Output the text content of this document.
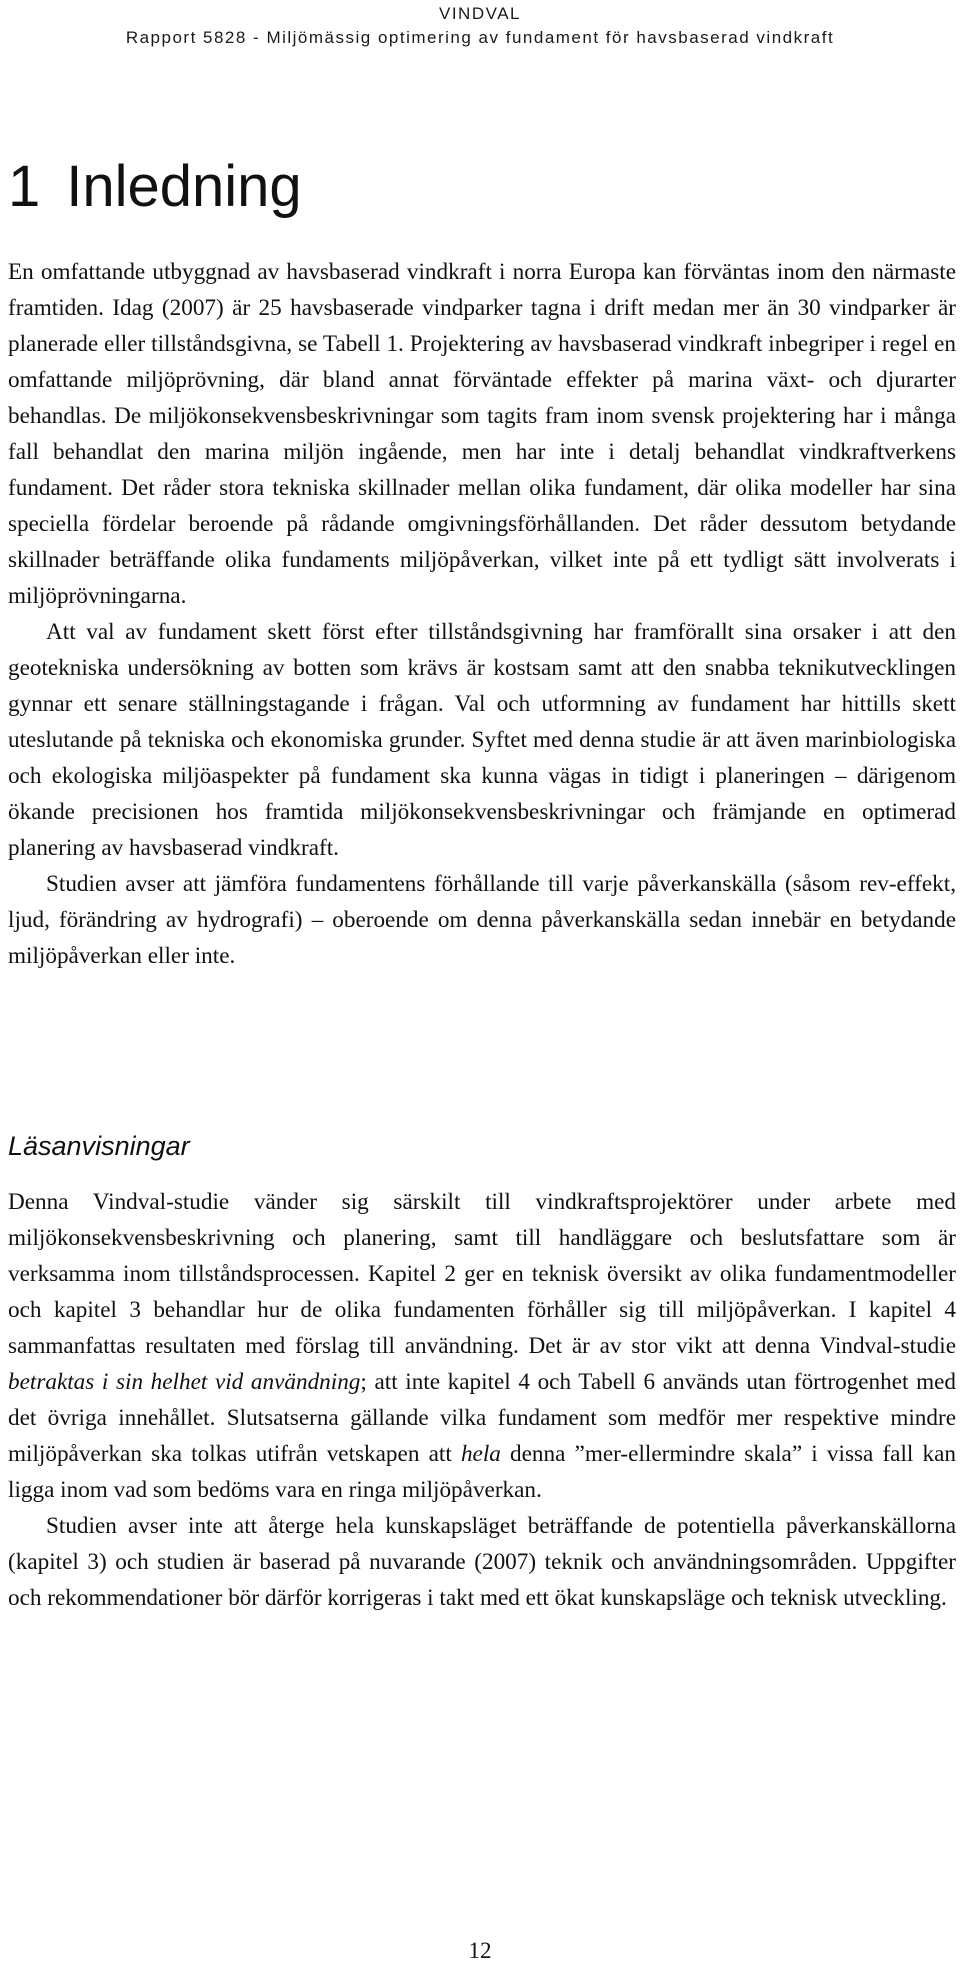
VINDVAL
Rapport 5828 - Miljömässig optimering av fundament för havsbaserad vindkraft
1 Inledning

En omfattande utbyggnad av havsbaserad vindkraft i norra Europa kan förväntas inom den närmaste framtiden. Idag (2007) är 25 havsbaserade vindparker tagna i drift medan mer än 30 vindparker är planerade eller tillståndsgivna, se Tabell 1. Projektering av havsbaserad vindkraft inbegriper i regel en omfattande miljöprövning, där bland annat förväntade effekter på marina växt- och djurarter behandlas. De miljökonsekvensbeskrivningar som tagits fram inom svensk projektering har i många fall behandlat den marina miljön ingående, men har inte i detalj behandlat vindkraftverkens fundament. Det råder stora tekniska skillnader mellan olika fundament, där olika modeller har sina speciella fördelar beroende på rådande omgivningsförhållanden. Det råder dessutom betydande skillnader beträffande olika fundaments miljöpåverkan, vilket inte på ett tydligt sätt involverats i miljöprövningarna.

Att val av fundament skett först efter tillståndsgivning har framförallt sina orsaker i att den geotekniska undersökning av botten som krävs är kostsam samt att den snabba teknikutvecklingen gynnar ett senare ställningstagande i frågan. Val och utformning av fundament har hittills skett uteslutande på tekniska och ekonomiska grunder. Syftet med denna studie är att även marinbiologiska och ekologiska miljöaspekter på fundament ska kunna vägas in tidigt i planeringen – därigenom ökande precisionen hos framtida miljökonsekvensbeskrivningar och främjande en optimerad planering av havsbaserad vindkraft.

Studien avser att jämföra fundamentens förhållande till varje påverkanskälla (såsom rev-effekt, ljud, förändring av hydrografi) – oberoende om denna påverkanskälla sedan innebär en betydande miljöpåverkan eller inte.

Läsanvisningar

Denna Vindval-studie vänder sig särskilt till vindkraftsprojektörer under arbete med miljökonsekvensbeskrivning och planering, samt till handläggare och beslutsfattare som är verksamma inom tillståndsprocessen. Kapitel 2 ger en teknisk översikt av olika fundamentmodeller och kapitel 3 behandlar hur de olika fundamenten förhåller sig till miljöpåverkan. I kapitel 4 sammanfattas resultaten med förslag till användning. Det är av stor vikt att denna Vindval-studie betraktas i sin helhet vid användning; att inte kapitel 4 och Tabell 6 används utan förtrogenhet med det övriga innehållet. Slutsatserna gällande vilka fundament som medför mer respektive mindre miljöpåverkan ska tolkas utifrån vetskapen att hela denna ”mer-ellermindre skala” i vissa fall kan ligga inom vad som bedöms vara en ringa miljöpåverkan.

Studien avser inte att återge hela kunskapsläget beträffande de potentiella påverkanskällorna (kapitel 3) och studien är baserad på nuvarande (2007) teknik och användningsområden. Uppgifter och rekommendationer bör därför korrigeras i takt med ett ökat kunskapsläge och teknisk utveckling.

12
